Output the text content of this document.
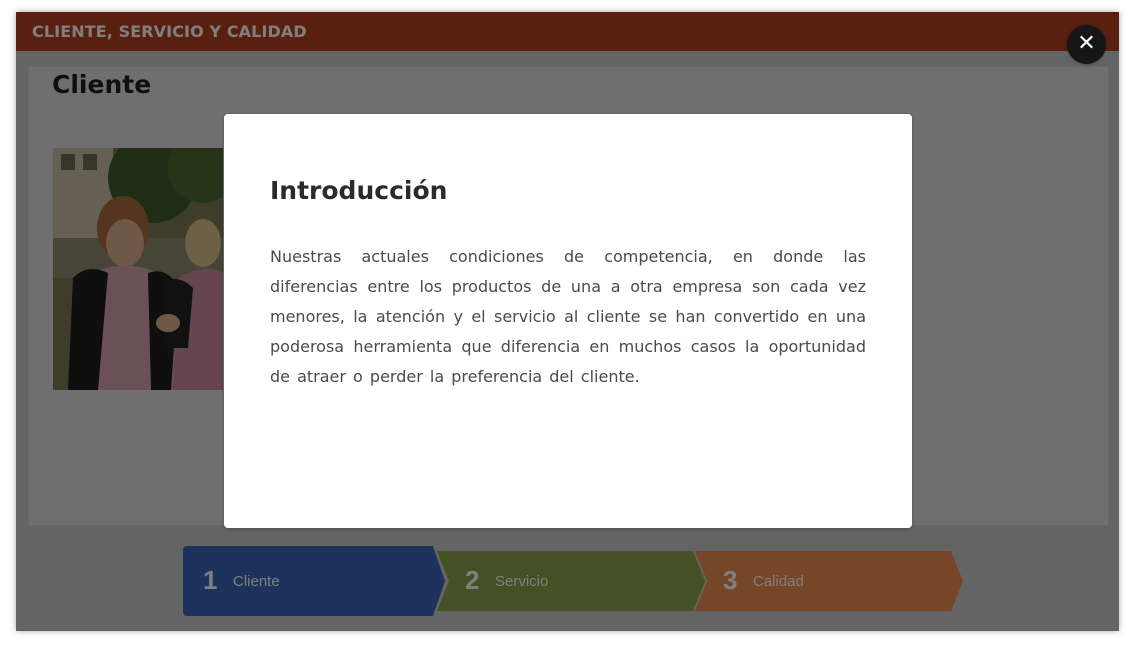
✕
Introducción
Nuestras actuales condiciones de competencia, en donde las diferencias entre los productos de una a otra empresa son cada vez menores, la atención y el servicio al cliente se han convertido en una poderosa herramienta que diferencia en muchos casos la oportunidad de atraer o perder la preferencia del cliente.
